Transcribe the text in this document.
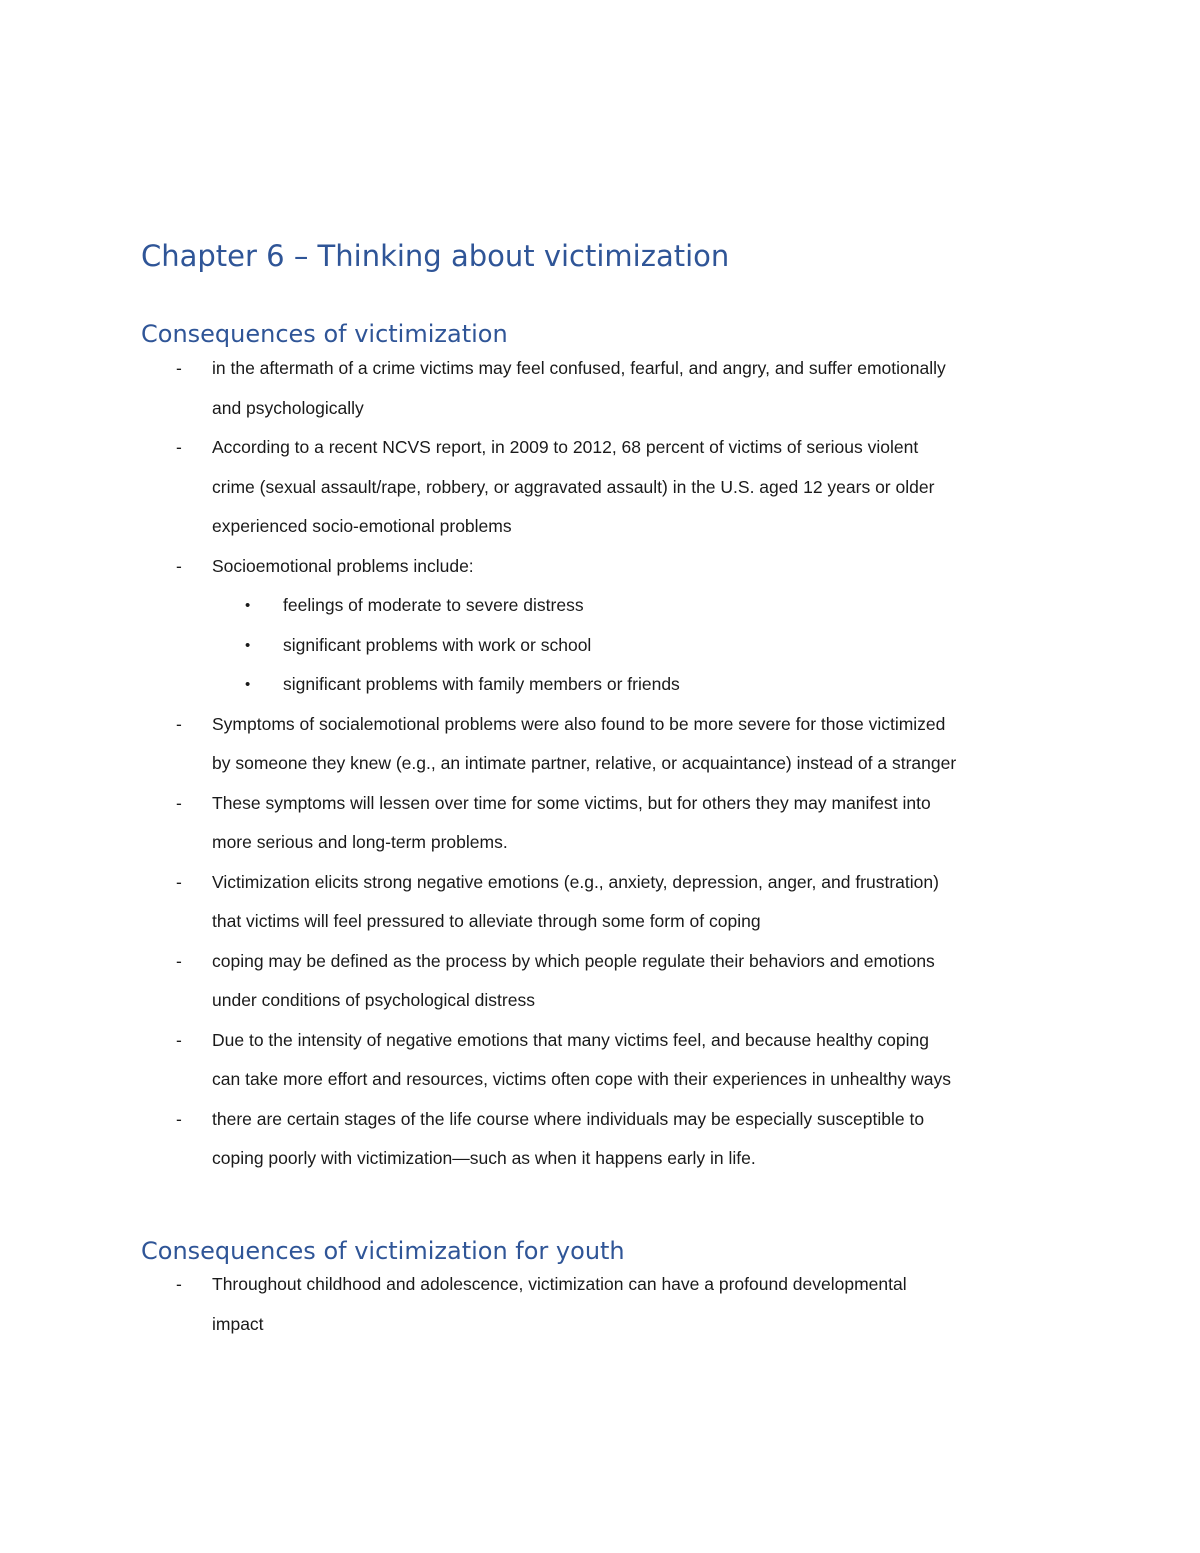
Chapter 6 – Thinking about victimization
Consequences of victimization
-	in the aftermath of a crime victims may feel confused, fearful, and angry, and suffer emotionally
and psychologically
-	According to a recent NCVS report, in 2009 to 2012, 68 percent of victims of serious violent
crime (sexual assault/rape, robbery, or aggravated assault) in the U.S. aged 12 years or older
experienced socio-emotional problems
-	Socioemotional problems include:
• feelings of moderate to severe distress
• significant problems with work or school
• significant problems with family members or friends
-	Symptoms of socialemotional problems were also found to be more severe for those victimized
by someone they knew (e.g., an intimate partner, relative, or acquaintance) instead of a stranger
-	These symptoms will lessen over time for some victims, but for others they may manifest into
more serious and long-term problems.
-	Victimization elicits strong negative emotions (e.g., anxiety, depression, anger, and frustration)
that victims will feel pressured to alleviate through some form of coping
-	coping may be defined as the process by which people regulate their behaviors and emotions
under conditions of psychological distress
-	Due to the intensity of negative emotions that many victims feel, and because healthy coping
can take more effort and resources, victims often cope with their experiences in unhealthy ways
-	there are certain stages of the life course where individuals may be especially susceptible to
coping poorly with victimization—such as when it happens early in life.
Consequences of victimization for youth
-	Throughout childhood and adolescence, victimization can have a profound developmental
impact
